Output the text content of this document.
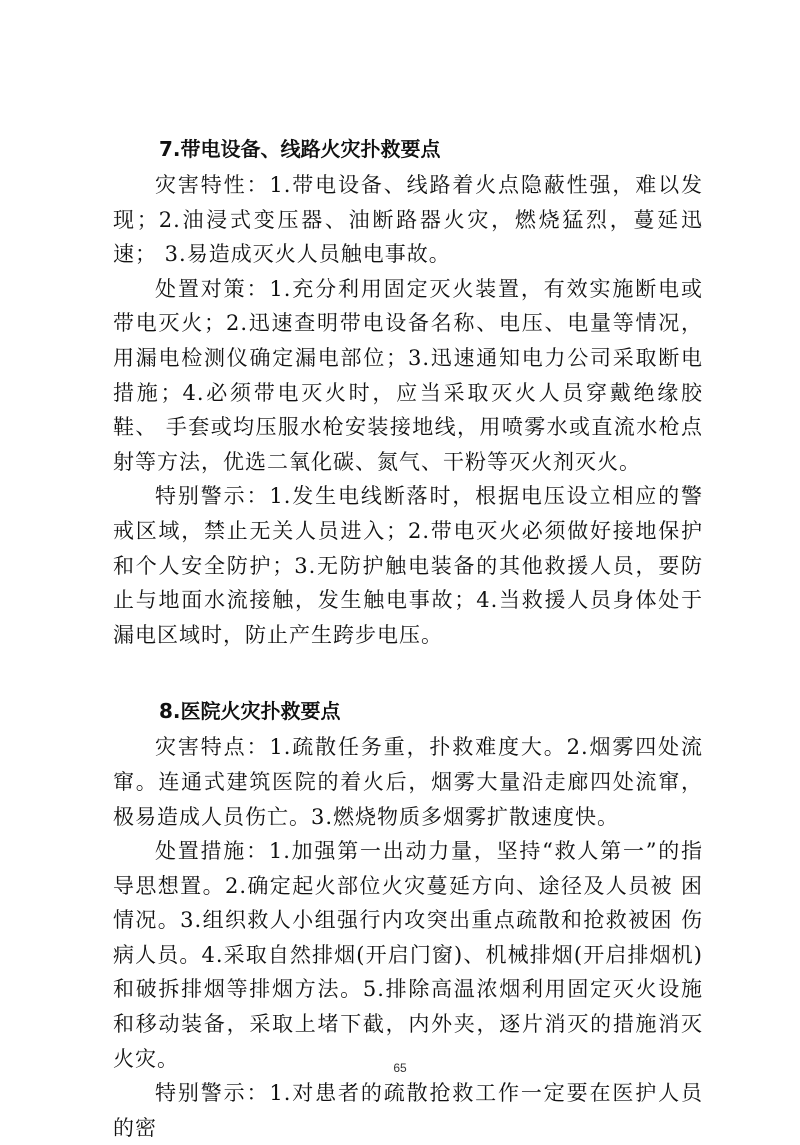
7.带电设备、线路火灾扑救要点

灾害特性：1.带电设备、线路着火点隐蔽性强，难以发现；2.油浸式变压器、油断路器火灾，燃烧猛烈，蔓延迅速； 3.易造成灭火人员触电事故。

处置对策：1.充分利用固定灭火装置，有效实施断电或带电灭火；2.迅速查明带电设备名称、电压、电量等情况， 用漏电检测仪确定漏电部位；3.迅速通知电力公司采取断电措施；4.必须带电灭火时，应当采取灭火人员穿戴绝缘胶鞋、 手套或均压服水枪安装接地线，用喷雾水或直流水枪点射等方法，优选二氧化碳、氮气、干粉等灭火剂灭火。

特别警示：1.发生电线断落时，根据电压设立相应的警戒区域，禁止无关人员进入；2.带电灭火必须做好接地保护 和个人安全防护；3.无防护触电装备的其他救援人员，要防 止与地面水流接触，发生触电事故；4.当救援人员身体处于 漏电区域时，防止产生跨步电压。

8.医院火灾扑救要点

灾害特点：1.疏散任务重，扑救难度大。2.烟雾四处流窜。连通式建筑医院的着火后，烟雾大量沿走廊四处流窜， 极易造成人员伤亡。3.燃烧物质多烟雾扩散速度快。

处置措施：1.加强第一出动力量，坚持“救人第一”的指导思想置。2.确定起火部位火灾蔓延方向、途径及人员被 困情况。3.组织救人小组强行内攻突出重点疏散和抢救被困 伤病人员。4.采取自然排烟(开启门窗)、机械排烟(开启排烟机)和破拆排烟等排烟方法。5.排除高温浓烟利用固定灭火设施和移动装备，采取上堵下截，内外夹，逐片消灭的措施消灭火灾。

特别警示：1.对患者的疏散抢救工作一定要在医护人员的密

65
